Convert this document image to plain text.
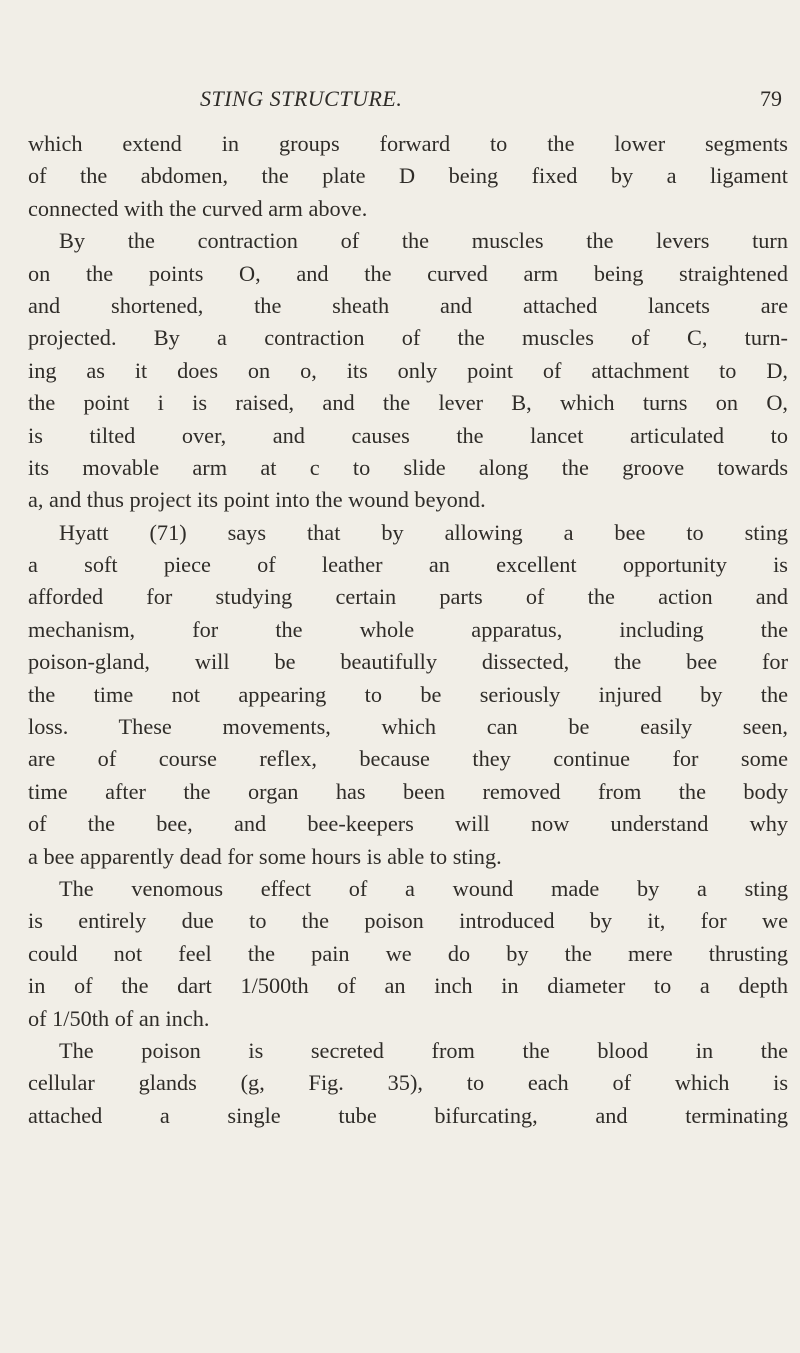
STING STRUCTURE.	79
which extend in groups forward to the lower segments
of the abdomen, the plate D being fixed by a ligament
connected with the curved arm above.
By the contraction of the muscles the levers turn
on the points O, and the curved arm being straightened
and shortened, the sheath and attached lancets are
projected. By a contraction of the muscles of C, turn-
ing as it does on o, its only point of attachment to D,
the point i is raised, and the lever B, which turns on O,
is tilted over, and causes the lancet articulated to
its movable arm at c to slide along the groove towards
a, and thus project its point into the wound beyond.
Hyatt (71) says that by allowing a bee to sting
a soft piece of leather an excellent opportunity is
afforded for studying certain parts of the action and
mechanism, for the whole apparatus, including the
poison-gland, will be beautifully dissected, the bee for
the time not appearing to be seriously injured by the
loss. These movements, which can be easily seen,
are of course reflex, because they continue for some
time after the organ has been removed from the body
of the bee, and bee-keepers will now understand why
a bee apparently dead for some hours is able to sting.
The venomous effect of a wound made by a sting
is entirely due to the poison introduced by it, for we
could not feel the pain we do by the mere thrusting
in of the dart 1/500th of an inch in diameter to a depth
of 1/50th of an inch.
The poison is secreted from the blood in the
cellular glands (g, Fig. 35), to each of which is
attached a single tube bifurcating, and terminating
